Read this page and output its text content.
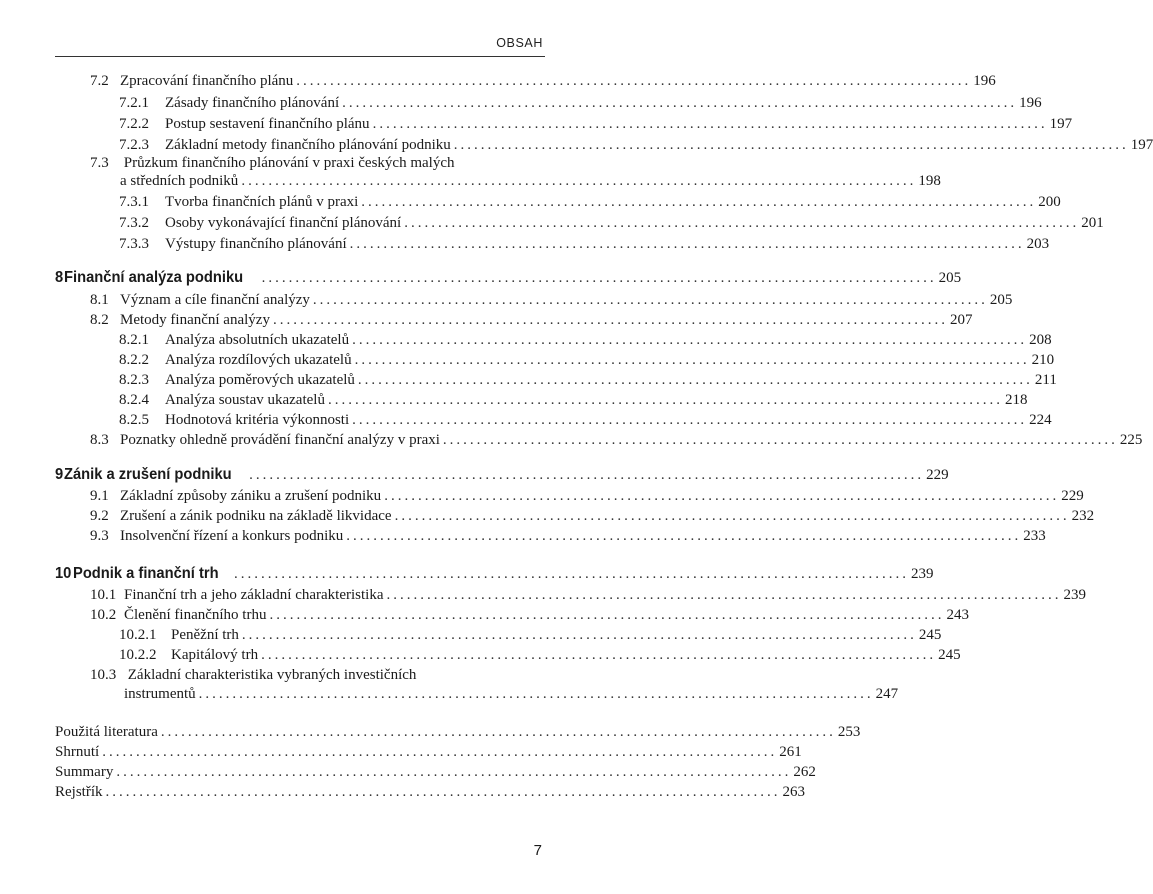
OBSAH
7.2 Zpracování finančního plánu .................................................................................................... 196
7.2.1	Zásady finančního plánování .................................................................................................... 196
7.2.2	Postup sestavení finančního plánu .................................................................................................... 197
7.2.3	Základní metody finančního plánování podniku .................................................................................................... 197
7.3 Průzkum finančního plánování v praxi českých malých
a středních podniků .................................................................................................... 198
7.3.1	Tvorba finančních plánů v praxi .................................................................................................... 200
7.3.2	Osoby vykonávající finanční plánování .................................................................................................... 201
7.3.3	Výstupy finančního plánování .................................................................................................... 203
8 Finanční analýza podniku .................................................................................................... 205
8.1 Význam a cíle finanční analýzy .................................................................................................... 205
8.2 Metody finanční analýzy .................................................................................................... 207
8.2.1	Analýza absolutních ukazatelů .................................................................................................... 208
8.2.2	Analýza rozdílových ukazatelů .................................................................................................... 210
8.2.3	Analýza poměrových ukazatelů .................................................................................................... 211
8.2.4	Analýza soustav ukazatelů .................................................................................................... 218
8.2.5	Hodnotová kritéria výkonnosti .................................................................................................... 224
8.3 Poznatky ohledně provádění finanční analýzy v praxi .................................................................................................... 225
9 Zánik a zrušení podniku .................................................................................................... 229
9.1 Základní způsoby zániku a zrušení podniku .................................................................................................... 229
9.2 Zrušení a zánik podniku na základě likvidace .................................................................................................... 232
9.3 Insolvenční řízení a konkurs podniku .................................................................................................... 233
10 Podnik a finanční trh .................................................................................................... 239
10.1 Finanční trh a jeho základní charakteristika .................................................................................................... 239
10.2 Členění finančního trhu .................................................................................................... 243
10.2.1 Peněžní trh .................................................................................................... 245
10.2.2 Kapitálový trh .................................................................................................... 245
10.3 Základní charakteristika vybraných investičních
instrumentů .................................................................................................... 247
Použitá literatura .................................................................................................... 253
Shrnutí .................................................................................................... 261
Summary .................................................................................................... 262
Rejstřík .................................................................................................... 263
7
